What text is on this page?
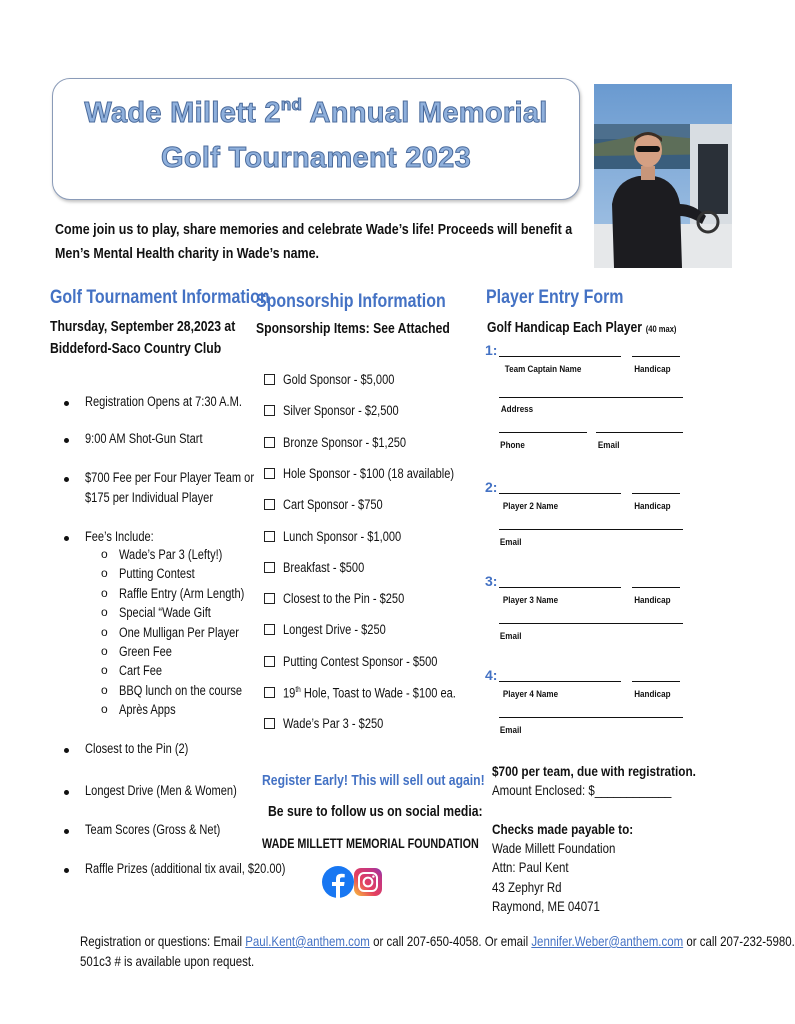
Wade Millett 2nd Annual Memorial
Golf Tournament 2023
Come join us to play, share memories and celebrate Wade’s life! Proceeds will benefit a
Men’s Mental Health charity in Wade’s name.
Golf Tournament Information
Thursday, September 28,2023 at
Biddeford-Saco Country Club
Registration Opens at 7:30 A.M.
9:00 AM Shot-Gun Start
$700 Fee per Four Player Team or
$175 per Individual Player
Fee’s Include:
o Wade’s Par 3 (Lefty!)
o Putting Contest
o Raffle Entry (Arm Length)
o Special “Wade Gift
o One Mulligan Per Player
o Green Fee
o Cart Fee
o BBQ lunch on the course
o Après Apps
Closest to the Pin (2)
Longest Drive (Men & Women)
Team Scores (Gross & Net)
Raffle Prizes (additional tix avail, $20.00)
Sponsorship Information
Sponsorship Items: See Attached
Gold Sponsor - $5,000
Silver Sponsor - $2,500
Bronze Sponsor - $1,250
Hole Sponsor - $100 (18 available)
Cart Sponsor - $750
Lunch Sponsor - $1,000
Breakfast - $500
Closest to the Pin - $250
Longest Drive - $250
Putting Contest Sponsor - $500
19th Hole, Toast to Wade - $100 ea.
Wade’s Par 3 - $250
Register Early! This will sell out again!
Be sure to follow us on social media:
WADE MILLETT MEMORIAL FOUNDATION
Player Entry Form
Golf Handicap Each Player (40 max)
1:
Team Captain Name	Handicap
Address
Phone	Email
2:
Player 2 Name	Handicap
Email
3:
Player 3 Name	Handicap
Email
4:
Player 4 Name	Handicap
Email
$700 per team, due with registration.
Amount Enclosed: $____________
Checks made payable to:
Wade Millett Foundation
Attn: Paul Kent
43 Zephyr Rd
Raymond, ME 04071
Registration or questions: Email Paul.Kent@anthem.com or call 207-650-4058. Or email Jennifer.Weber@anthem.com or call 207-232-5980.
501c3 # is available upon request.
